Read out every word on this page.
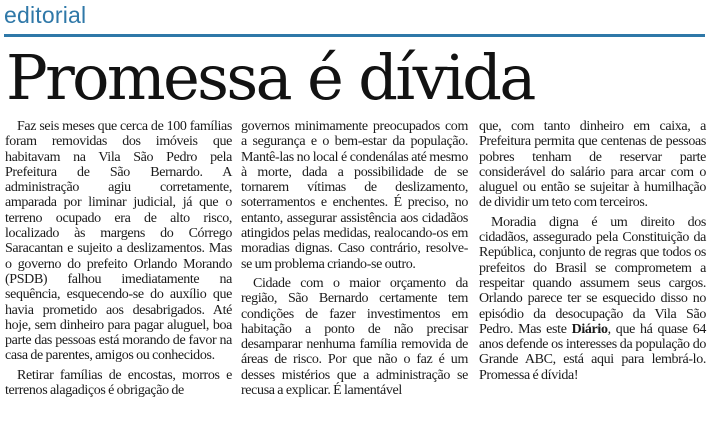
editorial
Promessa é dívida

Faz seis meses que cerca de 100 famílias foram removidas dos imóveis que habitavam na Vila São Pedro pela Prefeitura de São Bernardo. A administração agiu corretamente, amparada por liminar judicial, já que o terreno ocupado era de alto risco, localizado às margens do Córrego Saracantan e sujeito a deslizamentos. Mas o governo do prefeito Orlando Morando (PSDB) falhou imediatamente na sequência, esquecendo-se do auxílio que havia prometido aos desabrigados. Até hoje, sem dinheiro para pagar aluguel, boa parte das pessoas está morando de favor na casa de parentes, amigos ou conhecidos.

Retirar famílias de encostas, morros e terrenos alagadiços é obrigação de

governos minimamente preocupados com a segurança e o bem-estar da população. Mantê-las no local é condenálas até mesmo à morte, dada a possibilidade de se tornarem vítimas de deslizamento, soterramentos e enchentes. É preciso, no entanto, assegurar assistência aos cidadãos atingidos pelas medidas, realocando-os em moradias dignas. Caso contrário, resolve-se um problema criando-se outro.

Cidade com o maior orçamento da região, São Bernardo certamente tem condições de fazer investimentos em habitação a ponto de não precisar desamparar nenhuma família removida de áreas de risco. Por que não o faz é um desses mistérios que a administração se recusa a explicar. É lamentável

que, com tanto dinheiro em caixa, a Prefeitura permita que centenas de pessoas pobres tenham de reservar parte considerável do salário para arcar com o aluguel ou então se sujeitar à humilhação de dividir um teto com terceiros.

Moradia digna é um direito dos cidadãos, assegurado pela Constituição da República, conjunto de regras que todos os prefeitos do Brasil se comprometem a respeitar quando assumem seus cargos. Orlando parece ter se esquecido disso no episódio da desocupação da Vila São Pedro. Mas este Diário, que há quase 64 anos defende os interesses da população do Grande ABC, está aqui para lembrá-lo. Promessa é dívida!
